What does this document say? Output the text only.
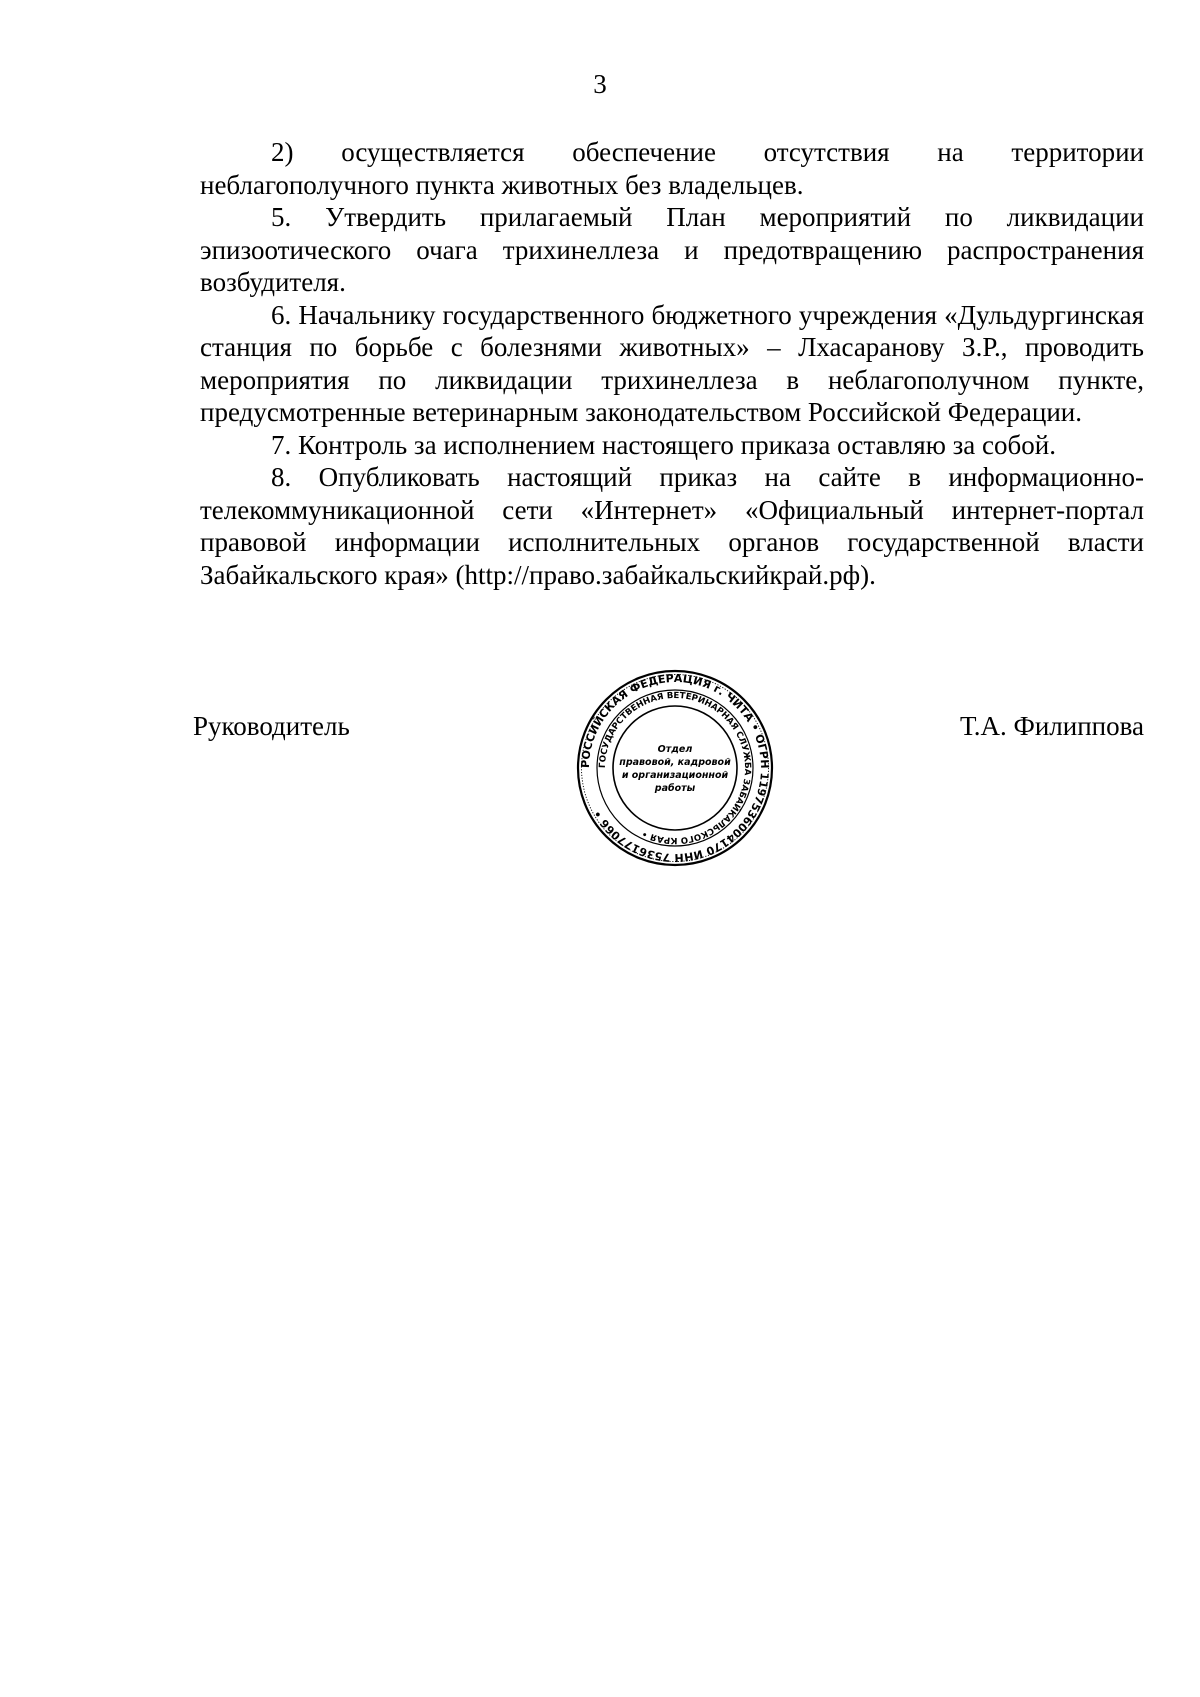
3

2) осуществляется обеспечение отсутствия на территории неблагополучного пункта животных без владельцев.

5. Утвердить прилагаемый План мероприятий по ликвидации эпизоотического очага трихинеллеза и предотвращению распространения возбудителя.

6. Начальнику государственного бюджетного учреждения «Дульдургинская станция по борьбе с болезнями животных» – Лхасаранову З.Р., проводить мероприятия по ликвидации трихинеллеза в неблагополучном пункте, предусмотренные ветеринарным законодательством Российской Федерации.

7. Контроль за исполнением настоящего приказа оставляю за собой.

8. Опубликовать настоящий приказ на сайте в информационно-телекоммуникационной сети «Интернет» «Официальный интернет-портал правовой информации исполнительных органов государственной власти Забайкальского края» (http://право.забайкальскийкрай.рф).

Руководитель	Т.А. Филиппова
РОССИЙСКАЯ ФЕДЕРАЦИЯ г. ЧИТА • ОГРН 1197536004170 ИНН 7536177066 •
ГОСУДАРСТВЕННАЯ ВЕТЕРИНАРНАЯ СЛУЖБА ЗАБАЙКАЛЬСКОГО КРАЯ •
Отдел
правовой, кадровой
и организационной
работы
